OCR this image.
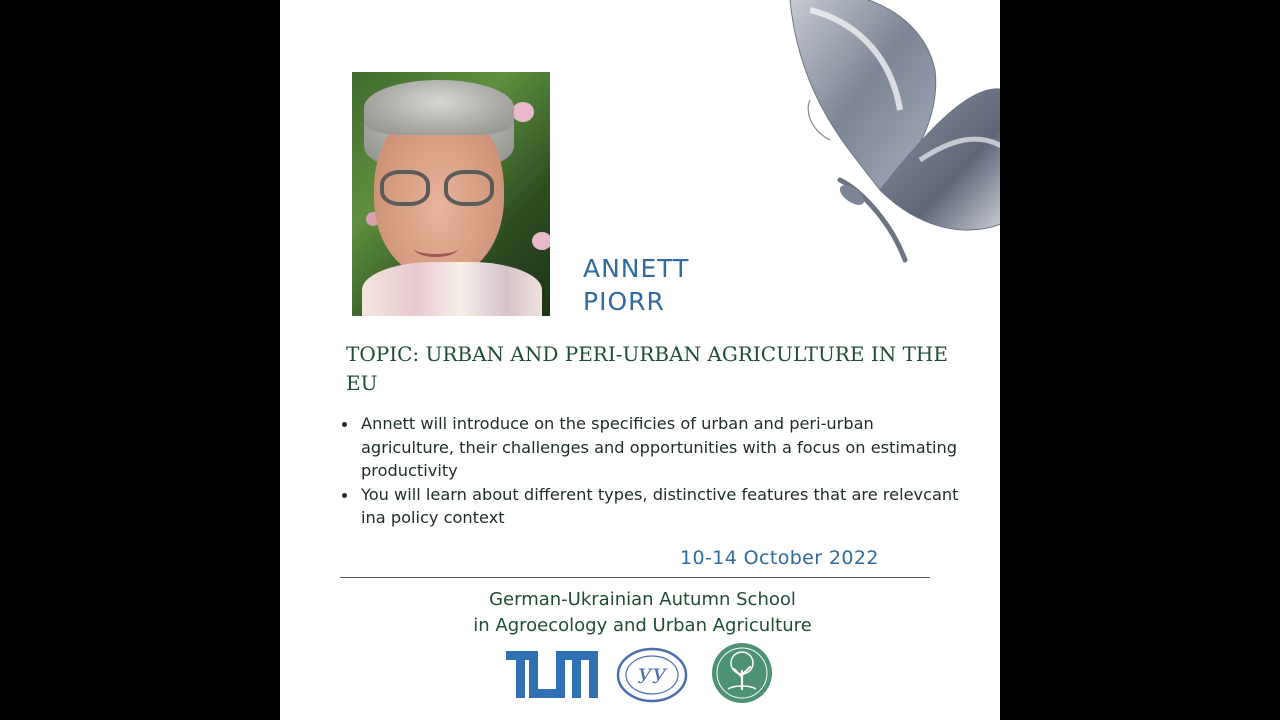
ANNETT
PIORR
TOPIC: URBAN AND PERI-URBAN AGRICULTURE IN THE EU
Annett will introduce on the specificies of urban and peri-urban agriculture, their challenges and opportunities with a focus on estimating productivity
You will learn about different types, distinctive features that are relevcant ina policy context
10-14 October 2022
German-Ukrainian Autumn School
in Agroecology and Urban Agriculture
УУ
